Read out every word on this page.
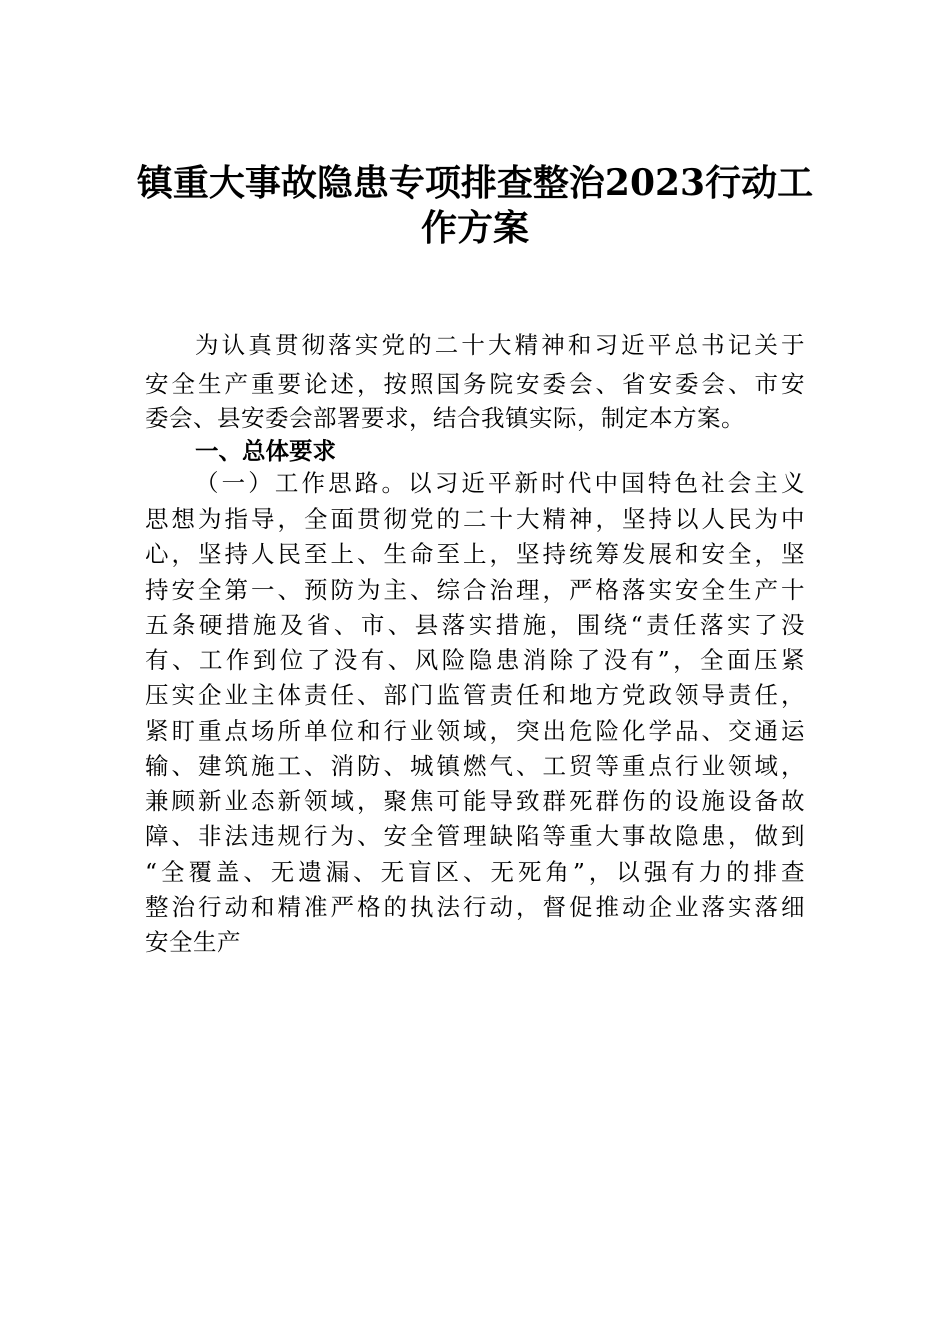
镇重大事故隐患专项排查整治2023行动工
作方案
为认真贯彻落实党的二十大精神和习近平总书记关于
安全生产重要论述，按照国务院安委会、省安委会、市安
委会、县安委会部署要求，结合我镇实际，制定本方案。
一、总体要求
（一）工作思路。以习近平新时代中国特色社会主义
思想为指导，全面贯彻党的二十大精神，坚持以人民为中
心，坚持人民至上、生命至上，坚持统筹发展和安全，坚
持安全第一、预防为主、综合治理，严格落实安全生产十
五条硬措施及省、市、县落实措施，围绕“责任落实了没
有、工作到位了没有、风险隐患消除了没有”，全面压紧
压实企业主体责任、部门监管责任和地方党政领导责任，
紧盯重点场所单位和行业领域，突出危险化学品、交通运
输、建筑施工、消防、城镇燃气、工贸等重点行业领域，
兼顾新业态新领域，聚焦可能导致群死群伤的设施设备故
障、非法违规行为、安全管理缺陷等重大事故隐患，做到
“全覆盖、无遗漏、无盲区、无死角”，以强有力的排查
整治行动和精准严格的执法行动，督促推动企业落实落细
安全生产
